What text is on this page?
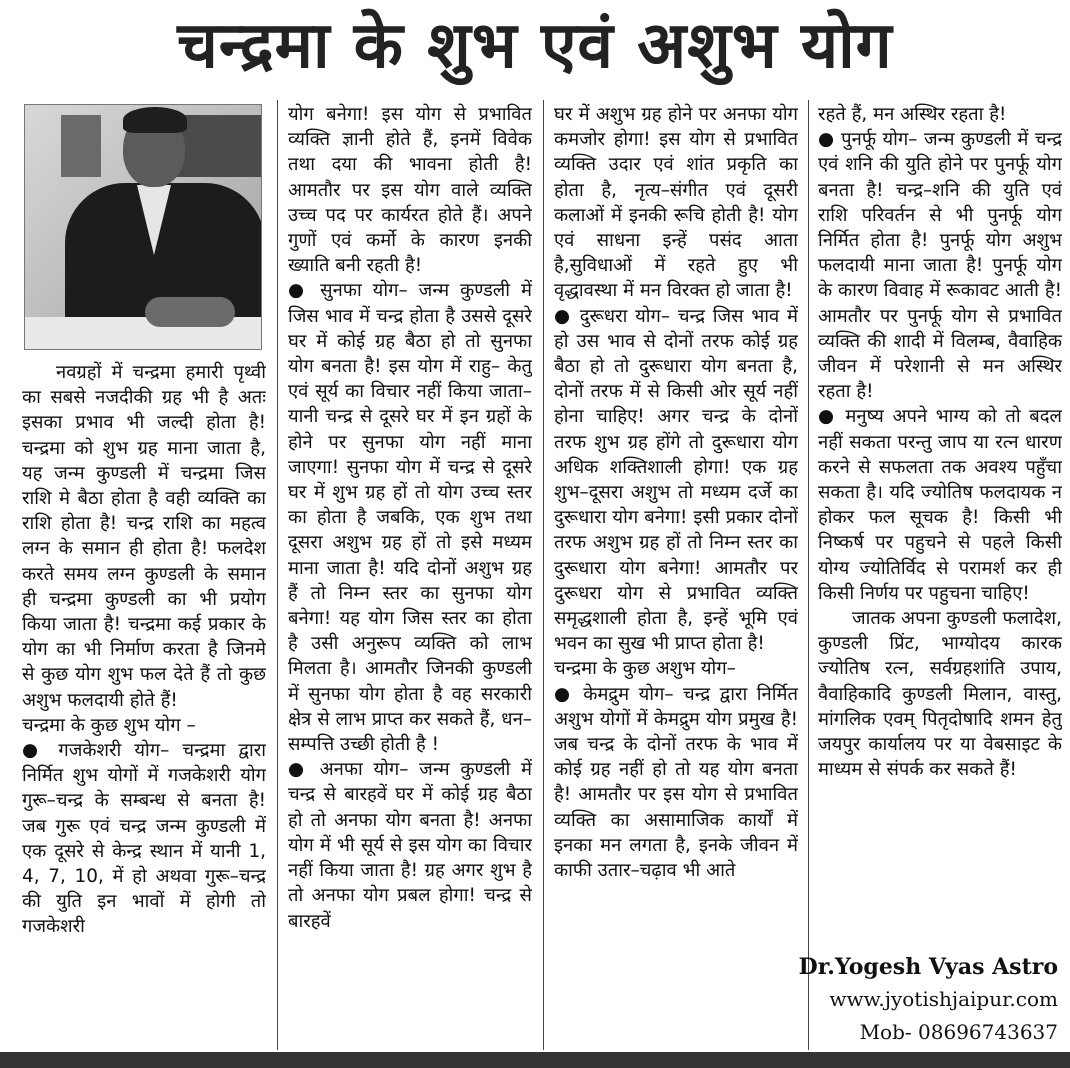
चन्द्रमा के शुभ एवं अशुभ योग

नवग्रहों में चन्द्रमा हमारी पृथ्वी का सबसे नजदीकी ग्रह भी है अतः इसका प्रभाव भी जल्दी होता है! चन्द्रमा को शुभ ग्रह माना जाता है, यह जन्म कुण्डली में चन्द्रमा जिस राशि मे बैठा होता है वही व्यक्ति का राशि होता है! चन्द्र राशि का महत्व लग्न के समान ही होता है! फलदेश करते समय लग्न कुण्डली के समान ही चन्द्रमा कुण्डली का भी प्रयोग किया जाता है! चन्द्रमा कई प्रकार के योग का भी निर्माण करता है जिनमे से कुछ योग शुभ फल देते हैं तो कुछ अशुभ फलदायी होते हैं!

चन्द्रमा के कुछ शुभ योग –

● गजकेशरी योग– चन्द्रमा द्वारा निर्मित शुभ योगों में गजकेशरी योग गुरू–चन्द्र के सम्बन्ध से बनता है! जब गुरू एवं चन्द्र जन्म कुण्डली में एक दूसरे से केन्द्र स्थान में यानी 1, 4, 7, 10, में हो अथवा गुरू–चन्द्र की युति इन भावों में होगी तो गजकेशरी

योग बनेगा! इस योग से प्रभावित व्यक्ति ज्ञानी होते हैं, इनमें विवेक तथा दया की भावना होती है! आमतौर पर इस योग वाले व्यक्ति उच्च पद पर कार्यरत होते हैं। अपने गुणों एवं कर्मो के कारण इनकी ख्याति बनी रहती है!

● सुनफा योग– जन्म कुण्डली में जिस भाव में चन्द्र होता है उससे दूसरे घर में कोई ग्रह बैठा हो तो सुनफा योग बनता है! इस योग में राहु– केतु एवं सूर्य का विचार नहीं किया जाता– यानी चन्द्र से दूसरे घर में इन ग्रहों के होने पर सुनफा योग नहीं माना जाएगा! सुनफा योग में चन्द्र से दूसरे घर में शुभ ग्रह हों तो योग उच्च स्तर का होता है जबकि, एक शुभ तथा दूसरा अशुभ ग्रह हों तो इसे मध्यम माना जाता है! यदि दोनों अशुभ ग्रह हैं तो निम्न स्तर का सुनफा योग बनेगा! यह योग जिस स्तर का होता है उसी अनुरूप व्यक्ति को लाभ मिलता है। आमतौर जिनकी कुण्डली में सुनफा योग होता है वह सरकारी क्षेत्र से लाभ प्राप्त कर सकते हैं, धन–सम्पत्ति उच्छी होती है !

● अनफा योग– जन्म कुण्डली में चन्द्र से बारहवें घर में कोई ग्रह बैठा हो तो अनफा योग बनता है! अनफा योग में भी सूर्य से इस योग का विचार नहीं किया जाता है! ग्रह अगर शुभ है तो अनफा योग प्रबल होगा! चन्द्र से बारहवें

घर में अशुभ ग्रह होने पर अनफा योग कमजोर होगा! इस योग से प्रभावित व्यक्ति उदार एवं शांत प्रकृति का होता है, नृत्य–संगीत एवं दूसरी कलाओं में इनकी रूचि होती है! योग एवं साधना इन्हें पसंद आता है,सुविधाओं में रहते हुए भी वृद्धावस्था में मन विरक्त हो जाता है!

● दुरूधरा योग– चन्द्र जिस भाव में हो उस भाव से दोनों तरफ कोई ग्रह बैठा हो तो दुरूधारा योग बनता है, दोनों तरफ में से किसी ओर सूर्य नहीं होना चाहिए! अगर चन्द्र के दोनों तरफ शुभ ग्रह होंगे तो दुरूधारा योग अधिक शक्तिशाली होगा! एक ग्रह शुभ–दूसरा अशुभ तो मध्यम दर्जे का दुरूधारा योग बनेगा! इसी प्रकार दोनों तरफ अशुभ ग्रह हों तो निम्न स्तर का दुरूधारा योग बनेगा! आमतौर पर दुरूधरा योग से प्रभावित व्यक्ति समृद्धशाली होता है, इन्हें भूमि एवं भवन का सुख भी प्राप्त होता है!

चन्द्रमा के कुछ अशुभ योग–

● केमद्रुम योग– चन्द्र द्वारा निर्मित अशुभ योगों में केमद्रुम योग प्रमुख है! जब चन्द्र के दोनों तरफ के भाव में कोई ग्रह नहीं हो तो यह योग बनता है! आमतौर पर इस योग से प्रभावित व्यक्ति का असामाजिक कार्यों में इनका मन लगता है, इनके जीवन में काफी उतार–चढ़ाव भी आते

रहते हैं, मन अस्थिर रहता है!

● पुनर्फू योग– जन्म कुण्डली में चन्द्र एवं शनि की युति होने पर पुनर्फू योग बनता है! चन्द्र–शनि की युति एवं राशि परिवर्तन से भी पुनर्फू योग निर्मित होता है! पुनर्फू योग अशुभ फलदायी माना जाता है! पुनर्फू योग के कारण विवाह में रूकावट आती है! आमतौर पर पुनर्फू योग से प्रभावित व्यक्ति की शादी में विलम्ब, वैवाहिक जीवन में परेशानी से मन अस्थिर रहता है!

● मनुष्य अपने भाग्य को तो बदल नहीं सकता परन्तु जाप या रत्न धारण करने से सफलता तक अवश्य पहुँचा सकता है। यदि ज्योतिष फलदायक न होकर फल सूचक है! किसी भी निष्कर्ष पर पहुचने से पहले किसी योग्य ज्योतिर्विद से परामर्श कर ही किसी निर्णय पर पहुचना चाहिए!

जातक अपना कुण्डली फलादेश, कुण्डली प्रिंट, भाग्योदय कारक ज्योतिष रत्न, सर्वग्रहशांति उपाय, वैवाहिकादि कुण्डली मिलान, वास्तु, मांगलिक एवम् पितृदोषादि शमन हेतु जयपुर कार्यालय पर या वेबसाइट के माध्यम से संपर्क कर सकते हैं!

Dr.Yogesh Vyas Astro
www.jyotishjaipur.com
Mob- 08696743637
